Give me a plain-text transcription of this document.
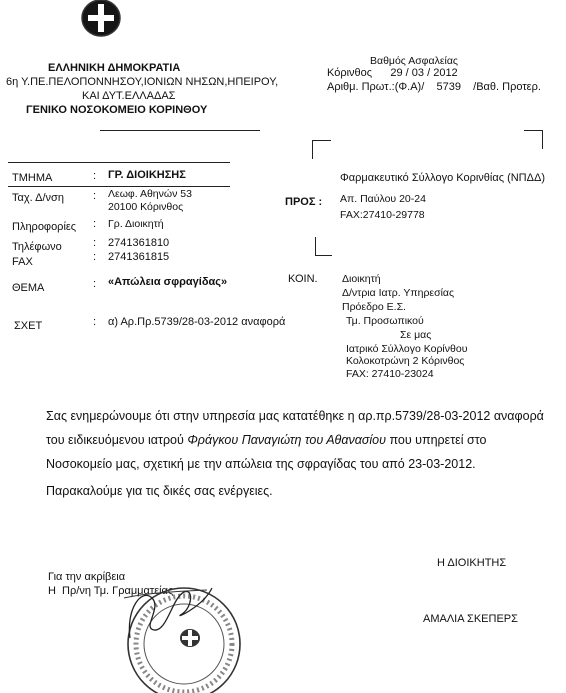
ΕΛΛΗΝΙΚΗ ΔΗΜΟΚΡΑΤΙΑ
6η Υ.ΠΕ.ΠΕΛΟΠΟΝΝΗΣΟΥ,ΙΟΝΙΩΝ ΝΗΣΩΝ,ΗΠΕΙΡΟΥ,
ΚΑΙ ΔΥΤ.ΕΛΛΑΔΑΣ
ΓΕΝΙΚΟ ΝΟΣΟΚΟΜΕΙΟ ΚΟΡΙΝΘΟΥ
Βαθμός Ασφαλείας
Κόρινθος      29 / 03 / 2012
Αριθμ. Πρωτ.:(Φ.Α)/    5739    /Βαθ. Προτερ.
ΤΜΗΜΑ	: ΓΡ. ΔΙΟΙΚΗΣΗΣ
Ταχ. Δ/νση	: Λεωφ. Αθηνών 53
20100 Κόρινθος
Πληροφορίες : Γρ. Διοικητή
Τηλέφωνο	: 2741361810
FAX	: 2741361815
ΘΕΜΑ	: «Απώλεια σφραγίδας»
ΣΧΕΤ	: α) Αρ.Πρ.5739/28-03-2012 αναφορά
ΠΡΟΣ :
Φαρμακευτικό Σύλλογο Κορινθίας (ΝΠΔΔ)
Απ. Παύλου 20-24
FAX:27410-29778
ΚΟΙΝ. Διοικητή
Δ/ντρια Ιατρ. Υπηρεσίας
Πρόεδρο Ε.Σ.
Τμ. Προσωπικού
Σε μας
Ιατρικό Σύλλογο Κορίνθου
Κολοκοτρώνη 2 Κόρινθος
FAX: 27410-23024
Σας ενημερώνουμε ότι στην υπηρεσία μας κατατέθηκε η αρ.πρ.5739/28-03-2012 αναφορά
του ειδικευόμενου ιατρού Φράγκου Παναγιώτη του Αθανασίου που υπηρετεί στο
Νοσοκομείο μας, σχετική με την απώλεια της σφραγίδας του από 23-03-2012.
Παρακαλούμε για τις δικές σας ενέργειες.
Η ΔΙΟΙΚΗΤΗΣ
ΑΜΑΛΙΑ ΣΚΕΠΕΡΣ
Για την ακρίβεια
Η  Πρ/νη Τμ. Γραμματείας
